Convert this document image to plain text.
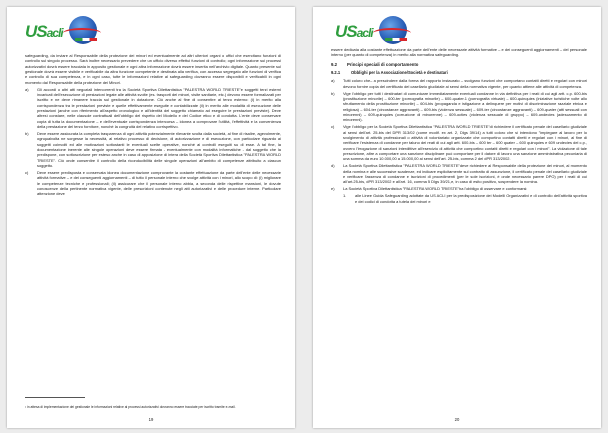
USacli

safeguarding, da inviare al Responsabile della protezione dei minori ed eventualmente ad altri ulteriori organi o uffici che esercitano funzioni di controllo sul singolo processo. Sarà inoltre necessario prevedere che un ufficio diverso effettui funzioni di controllo; ogni informazione sui processi autorizzativi dovrà essere tracciata in apposito gestionale e ogni altra informazione dovrà essere inserita nell'archivio digitale. Quanto presente sul gestionale dovrà essere visibile e verificabile da altra funzione competente e destinata alla verifica, con accesso segregato alle funzioni di verifica e controllo di sua competenza, e in ogni caso, tutte le informazioni relative al safeguarding dovranno essere disponibili e verificabili in ogni momento dal Responsabile della protezione dei Minori.

a)	Gli accordi o altri atti negoziali intercorrenti tra la Società Sportiva Dilettantistica "PALESTRA WORLD TRIESTE"e soggetti terzi esterni incaricati dell'esecuzione di prestazioni legate alle attività svolte (es. trasporti dei minori, visite sanitarie, etc.) devono essere formalizzati per iscritto e ne deve rimanere traccia sul gestionale in dotazione. Ciò anche al fine di consentire al terzo esterno: (i) in merito alla corrispondenza tra le prestazioni previste e quelle effettivamente eseguite e contabilizzate (ii) in merito alle modalità di esecuzione delle prestazioni (anche con riferimento all'aspetto cronologico e all'identità del soggetto chiamato ad eseguire le prestazioni previste). Deve altresì constare, nelle clausole contrattuali dell'obbligo del rispetto del Modello e del Codice etico e di condotta. L'ente deve conservare copia di tutta la documentazione – e dell'eventuale corrispondenza intercorsa – idonea a comprovare l'utilità, l'effettività e la convenienza della prestazione del terzo fornitore, nonché la congruità del relativo corrispettivo.
b)	Deve essere assicurata la completa trasparenza di ogni attività potenzialmente rilevante svolta dalla società, al fine di risalire, agevolmente, ognqualvolta ne sorgesse la necessità, al relativo processo di decisione, di autorizzazione e di esecuzione, con particolare riguardo ai soggetti coinvolti ed alle motivazioni sottostanti le eventuali scelte operative, nonché ai controlli eseguiti su di esse. A tal fine, la documentazione inerente alle singole operazioni deve essere firmata - eventualmente con modalità informatiche - dal soggetto che la predispone, con sottoscrizione per esteso anche in caso di apposizione di intera della Società Sportiva Dilettantistica "PALESTRA WORLD TRIESTE". Ciò onde consentire il controllo della riconducibilità delle singole operazioni all'ambito di competenze attribuito a ciascun soggetto.
c)	Deve essere predisposta e conservata idonea documentazione comprovante la costante effettuazione da parte dell'ente delle necessarie attività formative – e dei conseguenti aggiornamenti – di tutto il personale interno che svolge attività con i minori, allo scopo di: (i) migliorare le competenze tecniche e professionali; (ii) assicurare che il personale interno abbia, a seconda delle rispettive mansioni, le dovute conoscenze della pertinente normativa vigente, delle prescrizioni contenute negli atti autorizzativi e delle procedure interne. Particolare attenzione deve
¹ in attesa di implementazione dei gestionale le informazioni relative ai processi autorizzativi dovranno essere tracciate per iscritto tramite e-mail.
19
USacli

essere dedicata alla costante effettuazione da parte dell'ente delle necessarie attività formative – e dei conseguenti aggiornamenti – del personale interno (per quanto di competenza) in merito alla normativa safeguarding.

9.2 Principi speciali di comportamento
9.2.1	Obblighi per la Associazione/Società e destinatari
a)	Tutti coloro che– a prescindere dalla forma del rapporto instaurato – svolgano funzioni che comportano contatti diretti e regolari con minori devono fornire copia del certificato del casellario giudiziale ai sensi della normativa vigente, per quanto attiene alle attività di competenza.
b)	Vige l'obbligo per tutti i destinatari di comunicare immediatamente eventuali condanne in via definitiva per i reati di cui agli artt. c.p. 600-bis (prostituzione minorile) – 600-ter (pornografia minorile) – 600-quater.1 (pornografia virtuale) – 600-quinquies (iniziative turistiche volte allo sfruttamento della prostituzione minorile) – 604-bis (propaganda e istigazione a delinquere per motivi di discriminazione razziale etnica e religiosa) – 604-ter (circostanze aggravanti) – 609-bis (violenza sessuale) – 609-ter (circostanze aggravanti) – 609-quater (atti sessuali con minorenni) – 609-quinquies (corruzione di minorenne) – 609-octies (violenza sessuale di gruppo) – 609-undecies (adescamento di minorenni).
c)	Vige l'obbligo per la Società Sportiva Dilettantistica "PALESTRA WORLD TRIESTE"di richiedere il certificato penale del casellario giudiziale ai sensi dell'art. 25-bis del DPR 313/02 (come modif. ex art. 2, Dlgs 39/14) a tutti coloro che si intendono "impiegare al lavoro per lo svolgimento di attività professionali o attività di volontariato organizzate che comportino contatti diretti e regolari con i minori, al fine di verificare l'esistenza di condanne per taluno dei reati di cui agli artt. 600-bis – 600 ter – 600 quater – 600 quinquies e 609 undecies del c.p., ovvero l'irrogazione di sanzioni interdittive all'esercizio di attività che comportino contatti diretti e regolari con i minori". La violazione di tale prescrizione, altre a comportare una sanzione disciplinare può comportare per il datore di lavoro una sanzione amministrativa pecuniaria di una somma da euro 10.000,00 a 15.000,00 ai sensi dell'art. 25-bis, comma 2 del dPR 313/2002.
d)	La Società Sportiva Dilettantistica "PALESTRA WORLD TRIESTE"deve richiedere al Responsabile della protezione dei minori, al momento della nomina e alle successive scadenze, ed indicare esplicitamente sul contratto di assunzione, il certificato penale del casellario giudiziale e verificare l'assenza di condanne e iscrizioni di procedimenti (per le sole iscrizioni, è onde necessario parere DPO) per i reati di cui all'art.25-bis, dPR 313/2002 e all'art. 16, comma 5 Dlgs 39/21,e, in caso di esito positivo, sospendere la nomina.
e)	La Società Sportiva Dilettantistica "PALESTRA WORLD TRIESTE"ha l'obbligo di osservare e conformarsi:
1.	alle Linee Guida Safeguarding adottate da US ACLI per la predisposizione dei Modelli Organizzativi e di controllo dell'attività sportiva e dei codici di condotta a tutela dei minori e
20
